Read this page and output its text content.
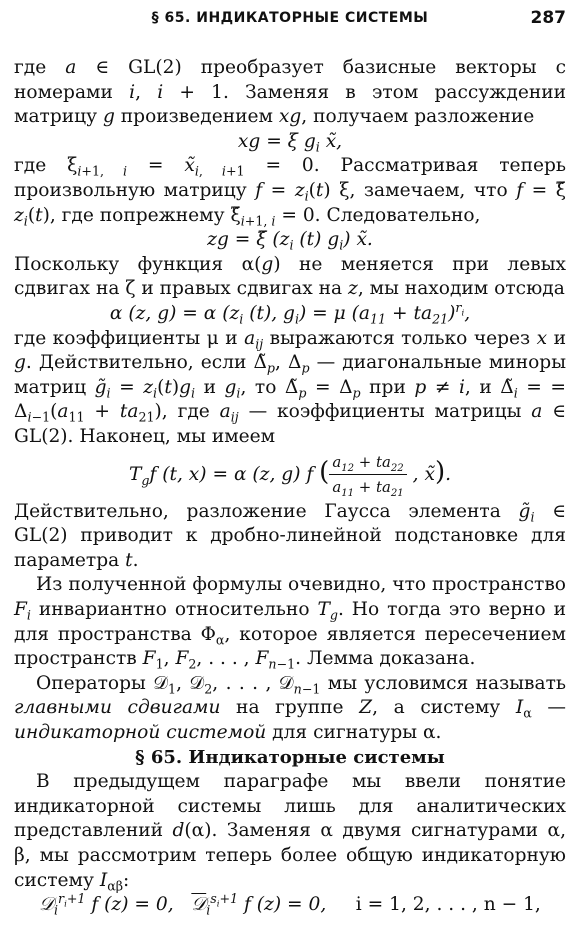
§ 65. ИНДИКАТОРНЫЕ СИСТЕМЫ	287

где a ∈ GL(2) преобразует базисные векторы с номерами i, i + 1. Заменяя в этом рассуждении матрицу g произведением xg, получаем разложение

xg = ξ $g_i$ x̃,

где $\xi_{i+1, i}$ = $x̃_{i, i+1} = 0$. Рассматривая теперь произвольную матрицу $f = z_i(t)$ ξ, замечаем, что f = ξ̃ $z_i(t)$, где попрежнему $\xĩ_{i+1, i} = 0$. Следовательно,

zg = ξ̃ ($z_i$ (t) $g_i$) x̃.

Поскольку функция α(g) не меняется при левых сдвигах на ζ и правых сдвигах на z, мы находим отсюда

α (z, g) = α ($z_i$ (t), $g_i) = \mu$ $(a_{11} + ta_{21})^{r_i}$,

где коэффициенты μ и $a_{ij}$ выражаются только через x и g. Действительно, если $\Deltã_p$, $\Delta_p$ — диагональные миноры матриц $g̃_i = z_i(t)g_i$ и $g_i$, то $\Deltã_p = \Delta_p$ при p ≠ i, и $\Deltã_i$ = = $\Delta_{i-1}(a_{11} + ta_{21})$, где $a_{ij}$ — коэффициенты матрицы a ∈ GL(2). Наконец, мы имеем

$T_gf$ (t, x) = α (z, g) f ( $\frac{a_{12} + ta_{22}}{a_{11} + ta_{21}}$ , x̃).

Действительно, разложение Гаусса элемента $g̃_i$ ∈ GL(2) приводит к дробно-линейной подстановке для параметра t.

Из полученной формулы очевидно, что пространство $F_i$ инвариантно относительно $T_g$. Но тогда это верно и для пространства $\Phi_\alpha$, которое является пересечением пространств $F_1$, $F_2$, . . . , $F_{n-1}$. Лемма доказана.

Операторы 𝒟$_1$, 𝒟$_2$, . . . , 𝒟$_{n-1}$ мы условимся называть главными сдвигами на группе Z, а систему $I_\alpha$ — индикаторной системой для сигнатуры α.

§ 65. Индикаторные системы

В предыдущем параграфе мы ввели понятие индикаторной системы лишь для аналитических представлений d(α). Заменяя α двумя сигнатурами α, β, мы рассмотрим теперь более общую индикаторную систему $I_{\alpha\beta}$:

𝒟$_i^{r_i+1}$ f (z) = 0,   𝒟$_i^{s_i+1}$ f (z) = 0,     i = 1, 2, . . . , n − 1,
